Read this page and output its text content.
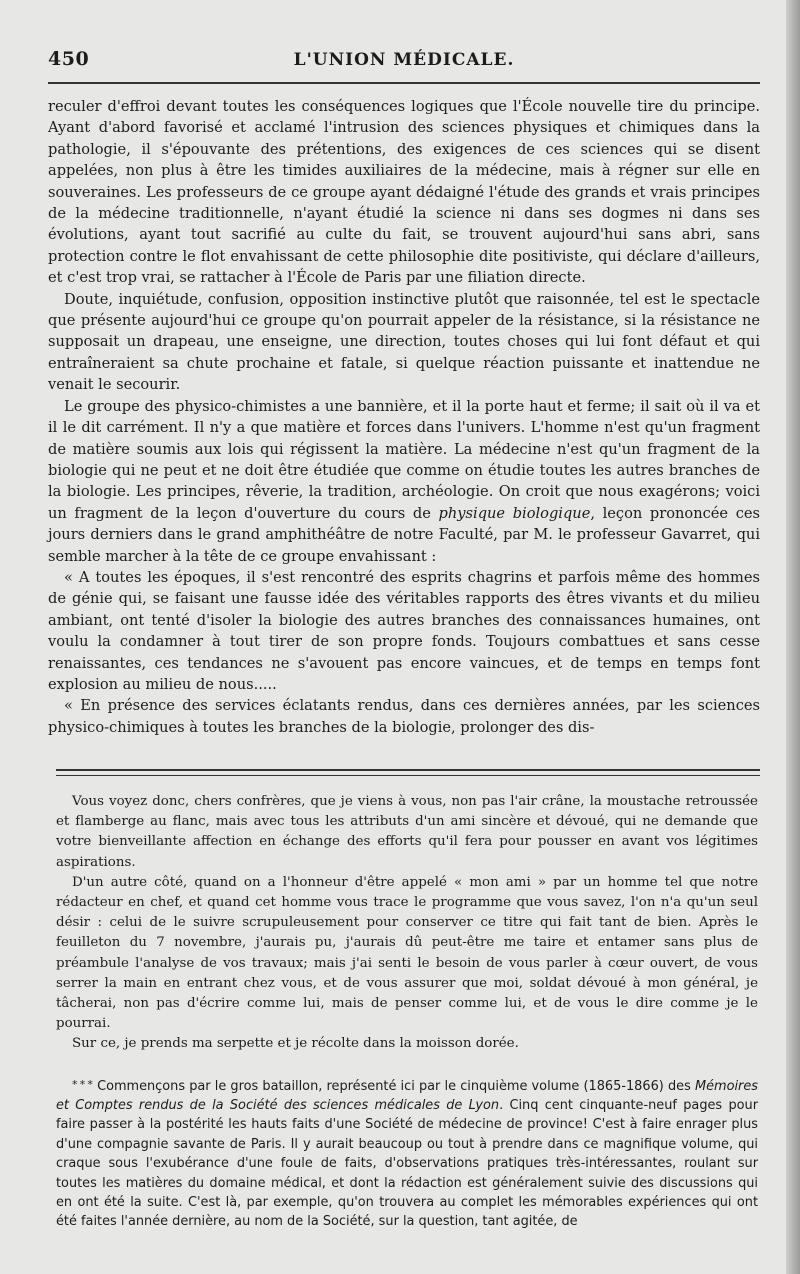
450	L'UNION MÉDICALE.

reculer d'effroi devant toutes les conséquences logiques que l'École nouvelle tire du principe. Ayant d'abord favorisé et acclamé l'intrusion des sciences physiques et chimiques dans la pathologie, il s'épouvante des prétentions, des exigences de ces sciences qui se disent appelées, non plus à être les timides auxiliaires de la médecine, mais à régner sur elle en souveraines. Les professeurs de ce groupe ayant dédaigné l'étude des grands et vrais principes de la médecine traditionnelle, n'ayant étudié la science ni dans ses dogmes ni dans ses évolutions, ayant tout sacrifié au culte du fait, se trouvent aujourd'hui sans abri, sans protection contre le flot envahissant de cette philosophie dite positiviste, qui déclare d'ailleurs, et c'est trop vrai, se rattacher à l'École de Paris par une filiation directe.

Doute, inquiétude, confusion, opposition instinctive plutôt que raisonnée, tel est le spectacle que présente aujourd'hui ce groupe qu'on pourrait appeler de la résistance, si la résistance ne supposait un drapeau, une enseigne, une direction, toutes choses qui lui font défaut et qui entraîneraient sa chute prochaine et fatale, si quelque réaction puissante et inattendue ne venait le secourir.

Le groupe des physico-chimistes a une bannière, et il la porte haut et ferme; il sait où il va et il le dit carrément. Il n'y a que matière et forces dans l'univers. L'homme n'est qu'un fragment de matière soumis aux lois qui régissent la matière. La médecine n'est qu'un fragment de la biologie qui ne peut et ne doit être étudiée que comme on étudie toutes les autres branches de la biologie. Les principes, rêverie, la tradition, archéologie. On croit que nous exagérons; voici un fragment de la leçon d'ouverture du cours de physique biologique, leçon prononcée ces jours derniers dans le grand amphithéâtre de notre Faculté, par M. le professeur Gavarret, qui semble marcher à la tête de ce groupe envahissant :

« A toutes les époques, il s'est rencontré des esprits chagrins et parfois même des hommes de génie qui, se faisant une fausse idée des véritables rapports des êtres vivants et du milieu ambiant, ont tenté d'isoler la biologie des autres branches des connaissances humaines, ont voulu la condamner à tout tirer de son propre fonds. Toujours combattues et sans cesse renaissantes, ces tendances ne s'avouent pas encore vaincues, et de temps en temps font explosion au milieu de nous.....

« En présence des services éclatants rendus, dans ces dernières années, par les sciences physico-chimiques à toutes les branches de la biologie, prolonger des dis-

Vous voyez donc, chers confrères, que je viens à vous, non pas l'air crâne, la moustache retroussée et flamberge au flanc, mais avec tous les attributs d'un ami sincère et dévoué, qui ne demande que votre bienveillante affection en échange des efforts qu'il fera pour pousser en avant vos légitimes aspirations.

D'un autre côté, quand on a l'honneur d'être appelé « mon ami » par un homme tel que notre rédacteur en chef, et quand cet homme vous trace le programme que vous savez, l'on n'a qu'un seul désir : celui de le suivre scrupuleusement pour conserver ce titre qui fait tant de bien. Après le feuilleton du 7 novembre, j'aurais pu, j'aurais dû peut-être me taire et entamer sans plus de préambule l'analyse de vos travaux; mais j'ai senti le besoin de vous parler à cœur ouvert, de vous serrer la main en entrant chez vous, et de vous assurer que moi, soldat dévoué à mon général, je tâcherai, non pas d'écrire comme lui, mais de penser comme lui, et de vous le dire comme je le pourrai.

Sur ce, je prends ma serpette et je récolte dans la moisson dorée.

* * * Commençons par le gros bataillon, représenté ici par le cinquième volume (1865-1866) des Mémoires et Comptes rendus de la Société des sciences médicales de Lyon. Cinq cent cinquante-neuf pages pour faire passer à la postérité les hauts faits d'une Société de médecine de province! C'est à faire enrager plus d'une compagnie savante de Paris. Il y aurait beaucoup ou tout à prendre dans ce magnifique volume, qui craque sous l'exubérance d'une foule de faits, d'observations pratiques très-intéressantes, roulant sur toutes les matières du domaine médical, et dont la rédaction est généralement suivie des discussions qui en ont été la suite. C'est là, par exemple, qu'on trouvera au complet les mémorables expériences qui ont été faites l'année dernière, au nom de la Société, sur la question, tant agitée, de
